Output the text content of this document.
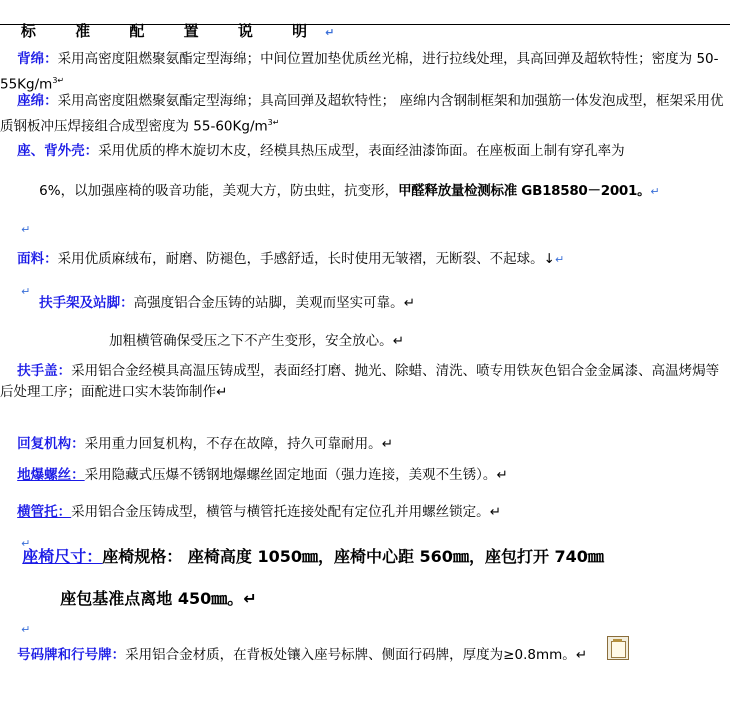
标	准	配	置	说	明 ↵

背绵：采用高密度阻燃聚氨酯定型海绵；中间位置加垫优质丝光棉，进行拉线处理，具高回弹及超软特性；密度为 $50-55Kg/m^{3↵}$

座绵：采用高密度阻燃聚氨酯定型海绵；具高回弹及超软特性； 座绵内含钢制框架和加强筋一体发泡成型，框架采用优质钢板冲压焊接组合成型密度为 $55-60Kg/m^{3↵}$

座、背外壳：采用优质的桦木旋切木皮，经模具热压成型，表面经油漆饰面。在座板面上制有穿孔率为

6%，以加强座椅的吸音功能，美观大方，防虫蛀，抗变形，甲醛释放量检测标准 GB18580－2001。↵

↵

面料：采用优质麻绒布，耐磨、防褪色，手感舒适，长时使用无皱褶，无断裂、不起球。↓↵

↵

扶手架及站脚：高强度铝合金压铸的站脚，美观而坚实可靠。↵

加粗横管确保受压之下不产生变形，安全放心。↵

扶手盖：采用铝合金经模具高温压铸成型，表面经打磨、抛光、除蜡、清洗、喷专用铁灰色铝合金金属漆、高温烤焗等后处理工序；面酡进口实木装饰制作↵

回复机构：采用重力回复机构，不存在故障，持久可靠耐用。↵

地爆螺丝：采用隐藏式压爆不锈钢地爆螺丝固定地面（强力连接，美观不生锈）。↵

横管托：采用铝合金压铸成型，横管与横管托连接处配有定位孔并用螺丝锁定。↵

↵

座椅尺寸：座椅规格： 座椅高度 1050㎜，座椅中心距 560㎜，座包打开 740㎜

座包基准点离地 450㎜。↵

↵

号码牌和行号牌：采用铝合金材质，在背板处镶入座号标牌、侧面行码牌，厚度为≥0.8mm。↵
